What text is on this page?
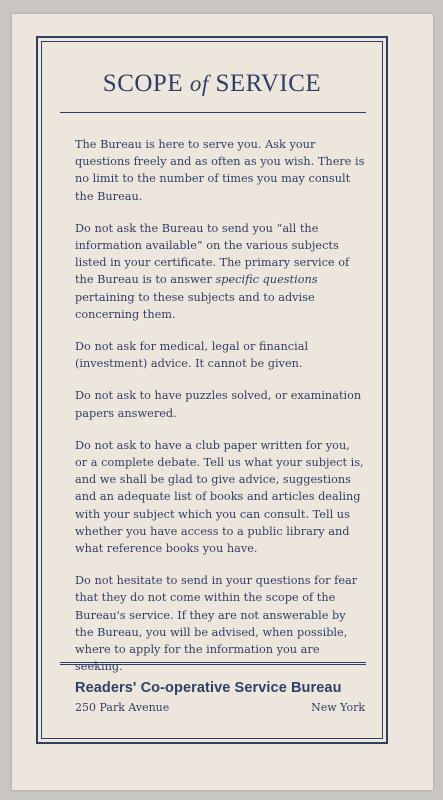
SCOPE of SERVICE

The Bureau is here to serve you. Ask your questions freely and as often as you wish. There is no limit to the number of times you may consult the Bureau.

Do not ask the Bureau to send you “all the information available” on the various subjects listed in your certificate. The primary service of the Bureau is to answer specific questions pertaining to these subjects and to advise concerning them.

Do not ask for medical, legal or financial (investment) advice. It cannot be given.

Do not ask to have puzzles solved, or examination papers answered.

Do not ask to have a club paper written for you, or a complete debate. Tell us what your subject is, and we shall be glad to give advice, suggestions and an adequate list of books and articles dealing with your subject which you can consult. Tell us whether you have access to a public library and what reference books you have.

Do not hesitate to send in your questions for fear that they do not come within the scope of the Bureau's service. If they are not answerable by the Bureau, you will be advised, when possible, where to apply for the information you are seeking.

Readers' Co-operative Service Bureau
250 Park Avenue	New York
